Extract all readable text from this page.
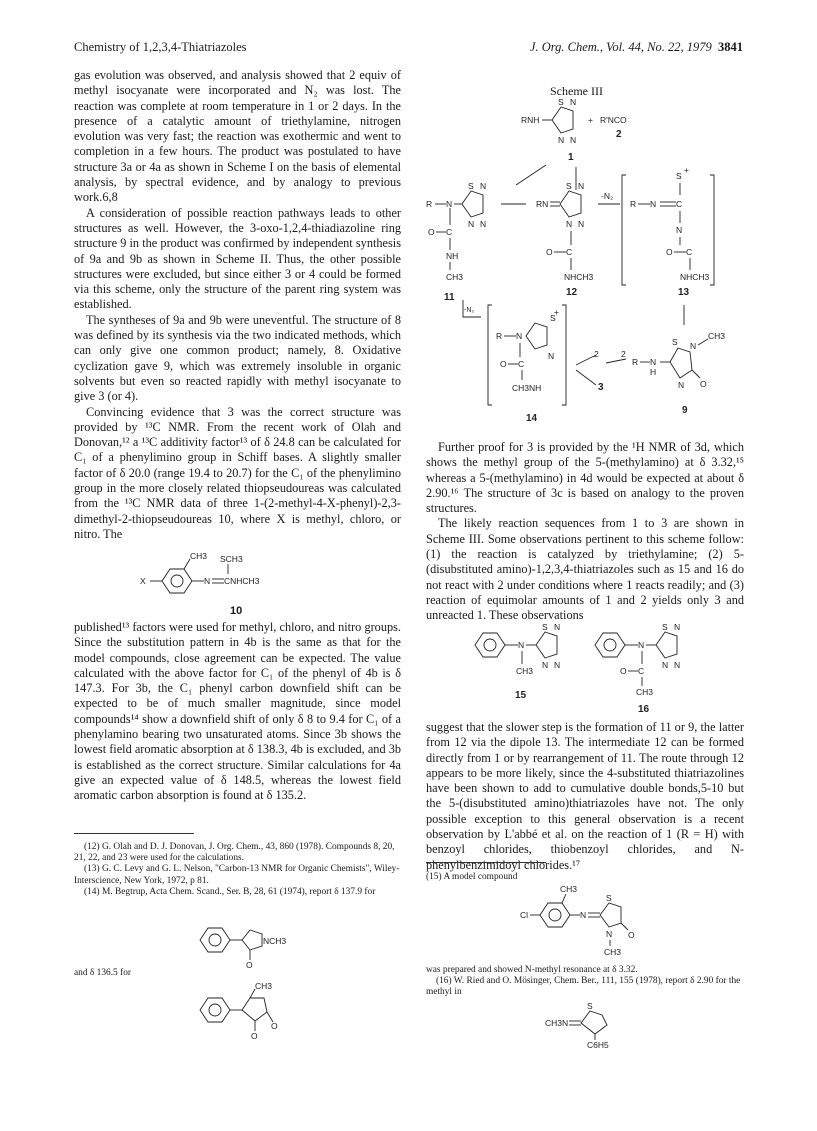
Chemistry of 1,2,3,4-Thiatriazoles	J. Org. Chem., Vol. 44, No. 22, 1979 3841

gas evolution was observed, and analysis showed that 2 equiv of methyl isocyanate were incorporated and N₂ was lost. The reaction was complete at room temperature in 1 or 2 days. In the presence of a catalytic amount of triethylamine, nitrogen evolution was very fast; the reaction was exothermic and went to completion in a few hours. The product was postulated to have structure 3a or 4a as shown in Scheme I on the basis of elemental analysis, by spectral evidence, and by analogy to previous work.6,8

A consideration of possible reaction pathways leads to other structures as well. However, the 3-oxo-1,2,4-thiadiazoline ring structure 9 in the product was confirmed by independent synthesis of 9a and 9b as shown in Scheme II. Thus, the other possible structures were excluded, but since either 3 or 4 could be formed via this scheme, only the structure of the parent ring system was established.

The syntheses of 9a and 9b were uneventful. The structure of 8 was defined by its synthesis via the two indicated methods, which can only give one common product; namely, 8. Oxidative cyclization gave 9, which was extremely insoluble in organic solvents but even so reacted rapidly with methyl isocyanate to give 3 (or 4).

Convincing evidence that 3 was the correct structure was provided by ¹³C NMR. From the recent work of Olah and Donovan,¹² a ¹³C additivity factor¹³ of δ 24.8 can be calculated for C₁ of a phenylimino group in Schiff bases. A slightly smaller factor of δ 20.0 (range 19.4 to 20.7) for the C₁ of the phenylimino group in the more closely related thiopseudoureas was calculated from the ¹³C NMR data of three 1-(2-methyl-4-X-phenyl)-2,3-dimethyl-2-thiopseudoureas 10, where X is methyl, chloro, or nitro. The

X
CH3
N CNHCH3
SCH3
10

published¹³ factors were used for methyl, chloro, and nitro groups. Since the substitution pattern in 4b is the same as that for the model compounds, close agreement can be expected. The value calculated with the above factor for C₁ of the phenyl of 4b is δ 147.3. For 3b, the C₁ phenyl carbon downfield shift can be expected to be of much smaller magnitude, since model compounds¹⁴ show a downfield shift of only δ 8 to 9.4 for C₁ of a phenylamino bearing two unsaturated atoms. Since 3b shows the lowest field aromatic absorption at δ 138.3, 4b is excluded, and 3b is established as the correct structure. Similar calculations for 4a give an expected value of δ 148.5, whereas the lowest field aromatic carbon absorption is found at δ 135.2.

(12) G. Olah and D. J. Donovan, J. Org. Chem., 43, 860 (1978). Compounds 8, 20, 21, 22, and 23 were used for the calculations.

(13) G. C. Levy and G. L. Nelson, "Carbon-13 NMR for Organic Chemists", Wiley-Interscience, New York, 1972, p 81.

(14) M. Begtrup, Acta Chem. Scand., Ser. B, 28, 61 (1974), report δ 137.9 for

NCH3
O
and δ 136.5 for
CH3
O
O
Scheme III
RNH
S N
N N
+ R'NCO
2
1
R N
S N
N N
O C
NH
CH3
11
RN
S N
N N
O C
NHCH3
12
-N₂
R N C
S
+
N
O C
NHCH3
13
-N₂
R N
S
+
N
O C
CH3NH
14
2
3
2
R N
H
S N
CH3
N O
9

Further proof for 3 is provided by the ¹H NMR of 3d, which shows the methyl group of the 5-(methylamino) at δ 3.32,¹⁵ whereas a 5-(methylamino) in 4d would be expected at about δ 2.90.¹⁶ The structure of 3c is based on analogy to the proven structures.

The likely reaction sequences from 1 to 3 are shown in Scheme III. Some observations pertinent to this scheme follow: (1) the reaction is catalyzed by triethylamine; (2) 5-(disubstituted amino)-1,2,3,4-thiatriazoles such as 15 and 16 do not react with 2 under conditions where 1 reacts readily; and (3) reaction of equimolar amounts of 1 and 2 yields only 3 and unreacted 1. These observations

N
S N
N N
CH3
15
N
S N
N N
O C
CH3
16

suggest that the slower step is the formation of 11 or 9, the latter from 12 via the dipole 13. The intermediate 12 can be formed directly from 1 or by rearrangement of 11. The route through 12 appears to be more likely, since the 4-substituted thiatriazolines have been shown to add to cumulative double bonds,5-10 but the 5-(disubstituted amino)thiatriazoles have not. The only possible exception to this general observation is a recent observation by L'abbé et al. on the reaction of 1 (R = H) with benzoyl chlorides, thiobenzoyl chlorides, and N-phenylbenzimidoyl chlorides.¹⁷

(15) A model compound
Cl
CH3
N
S
N O
CH3

was prepared and showed N-methyl resonance at δ 3.32.

(16) W. Ried and O. Mösinger, Chem. Ber., 111, 155 (1978), report δ 2.90 for the methyl in

CH3N
S
C6H5
